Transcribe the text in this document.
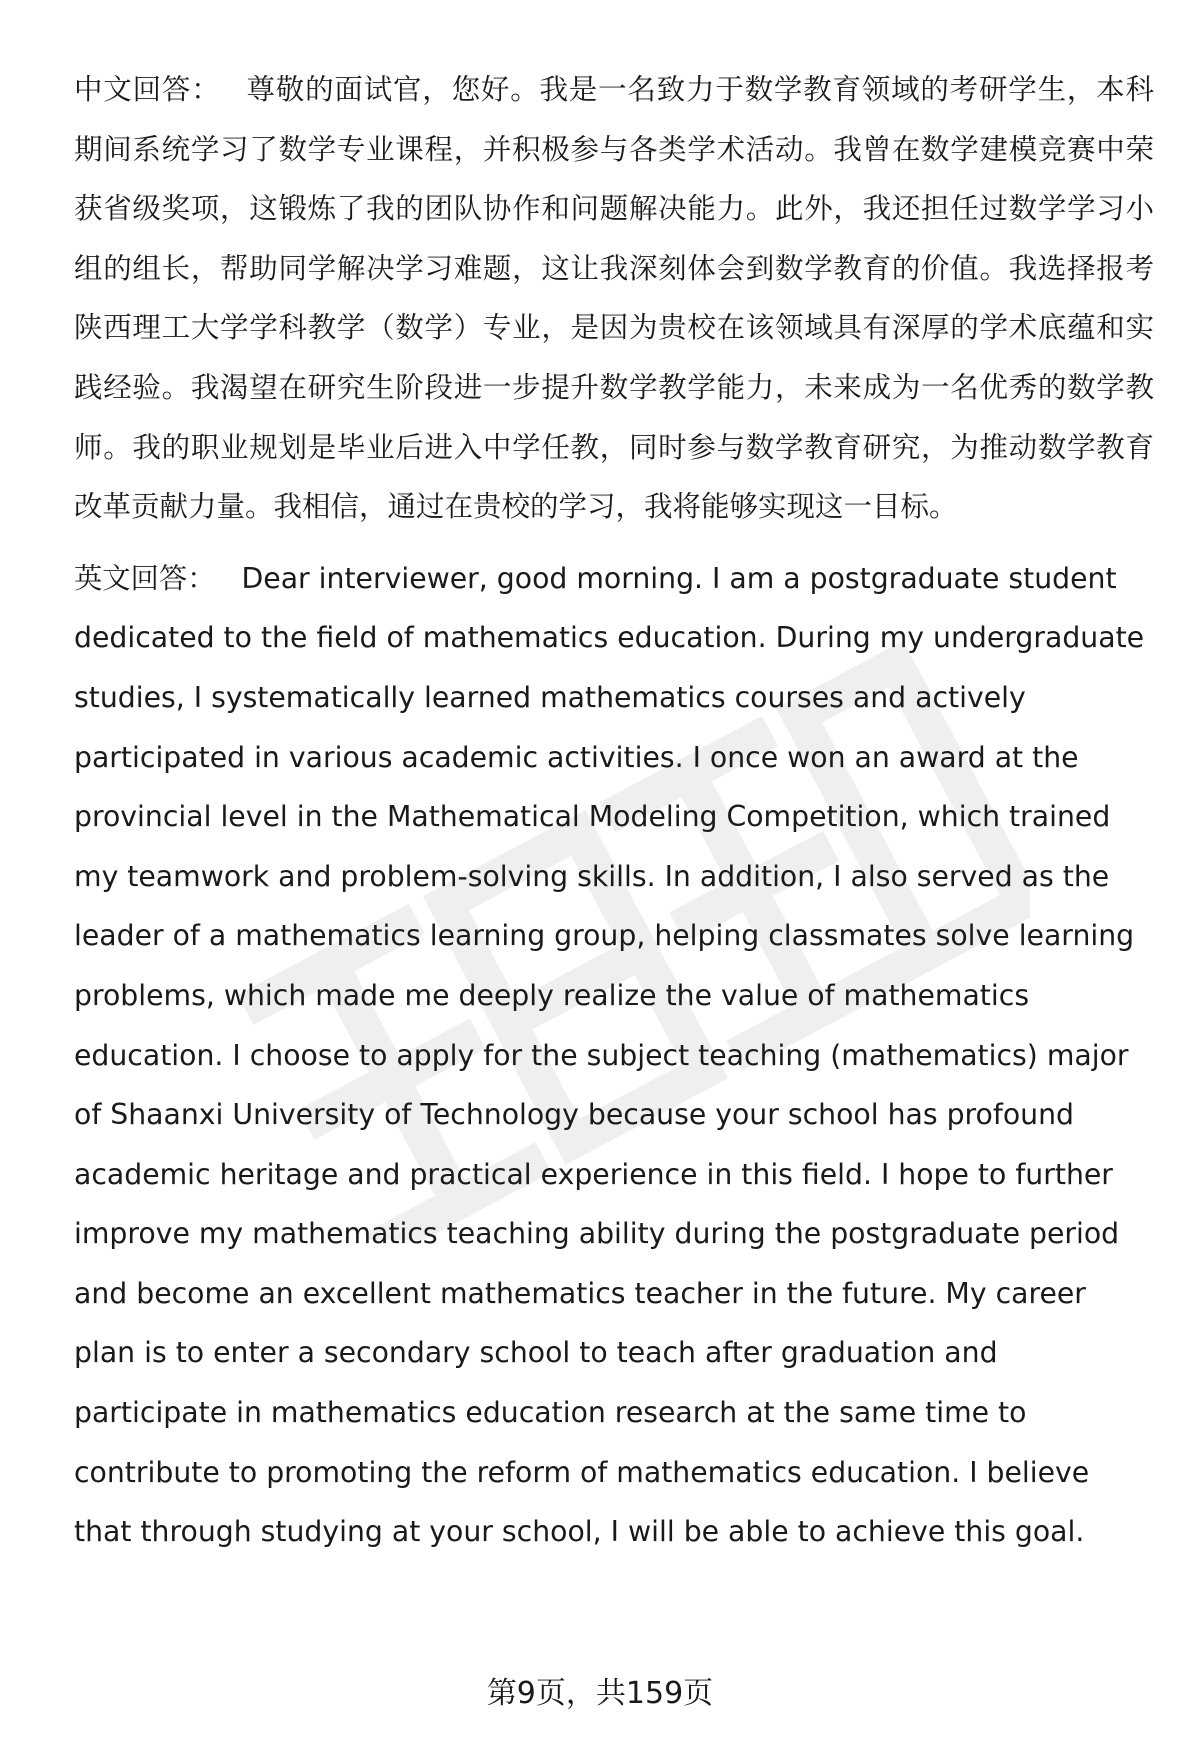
中文回答： 尊敬的面试官，您好。我是一名致力于数学教育领域的考研学生，本科期间系统学习了数学专业课程，并积极参与各类学术活动。我曾在数学建模竞赛中荣获省级奖项，这锻炼了我的团队协作和问题解决能力。此外，我还担任过数学学习小组的组长，帮助同学解决学习难题，这让我深刻体会到数学教育的价值。我选择报考陕西理工大学学科教学（数学）专业，是因为贵校在该领域具有深厚的学术底蕴和实践经验。我渴望在研究生阶段进一步提升数学教学能力，未来成为一名优秀的数学教师。我的职业规划是毕业后进入中学任教，同时参与数学教育研究，为推动数学教育改革贡献力量。我相信，通过在贵校的学习，我将能够实现这一目标。

英文回答： Dear interviewer, good morning. I am a postgraduate student dedicated to the field of mathematics education. During my undergraduate studies, I systematically learned mathematics courses and actively participated in various academic activities. I once won an award at the provincial level in the Mathematical Modeling Competition, which trained my teamwork and problem-solving skills. In addition, I also served as the leader of a mathematics learning group, helping classmates solve learning problems, which made me deeply realize the value of mathematics education. I choose to apply for the subject teaching (mathematics) major of Shaanxi University of Technology because your school has profound academic heritage and practical experience in this field. I hope to further improve my mathematics teaching ability during the postgraduate period and become an excellent mathematics teacher in the future. My career plan is to enter a secondary school to teach after graduation and participate in mathematics education research at the same time to contribute to promoting the reform of mathematics education. I believe that through studying at your school, I will be able to achieve this goal.

第9页，共159页
